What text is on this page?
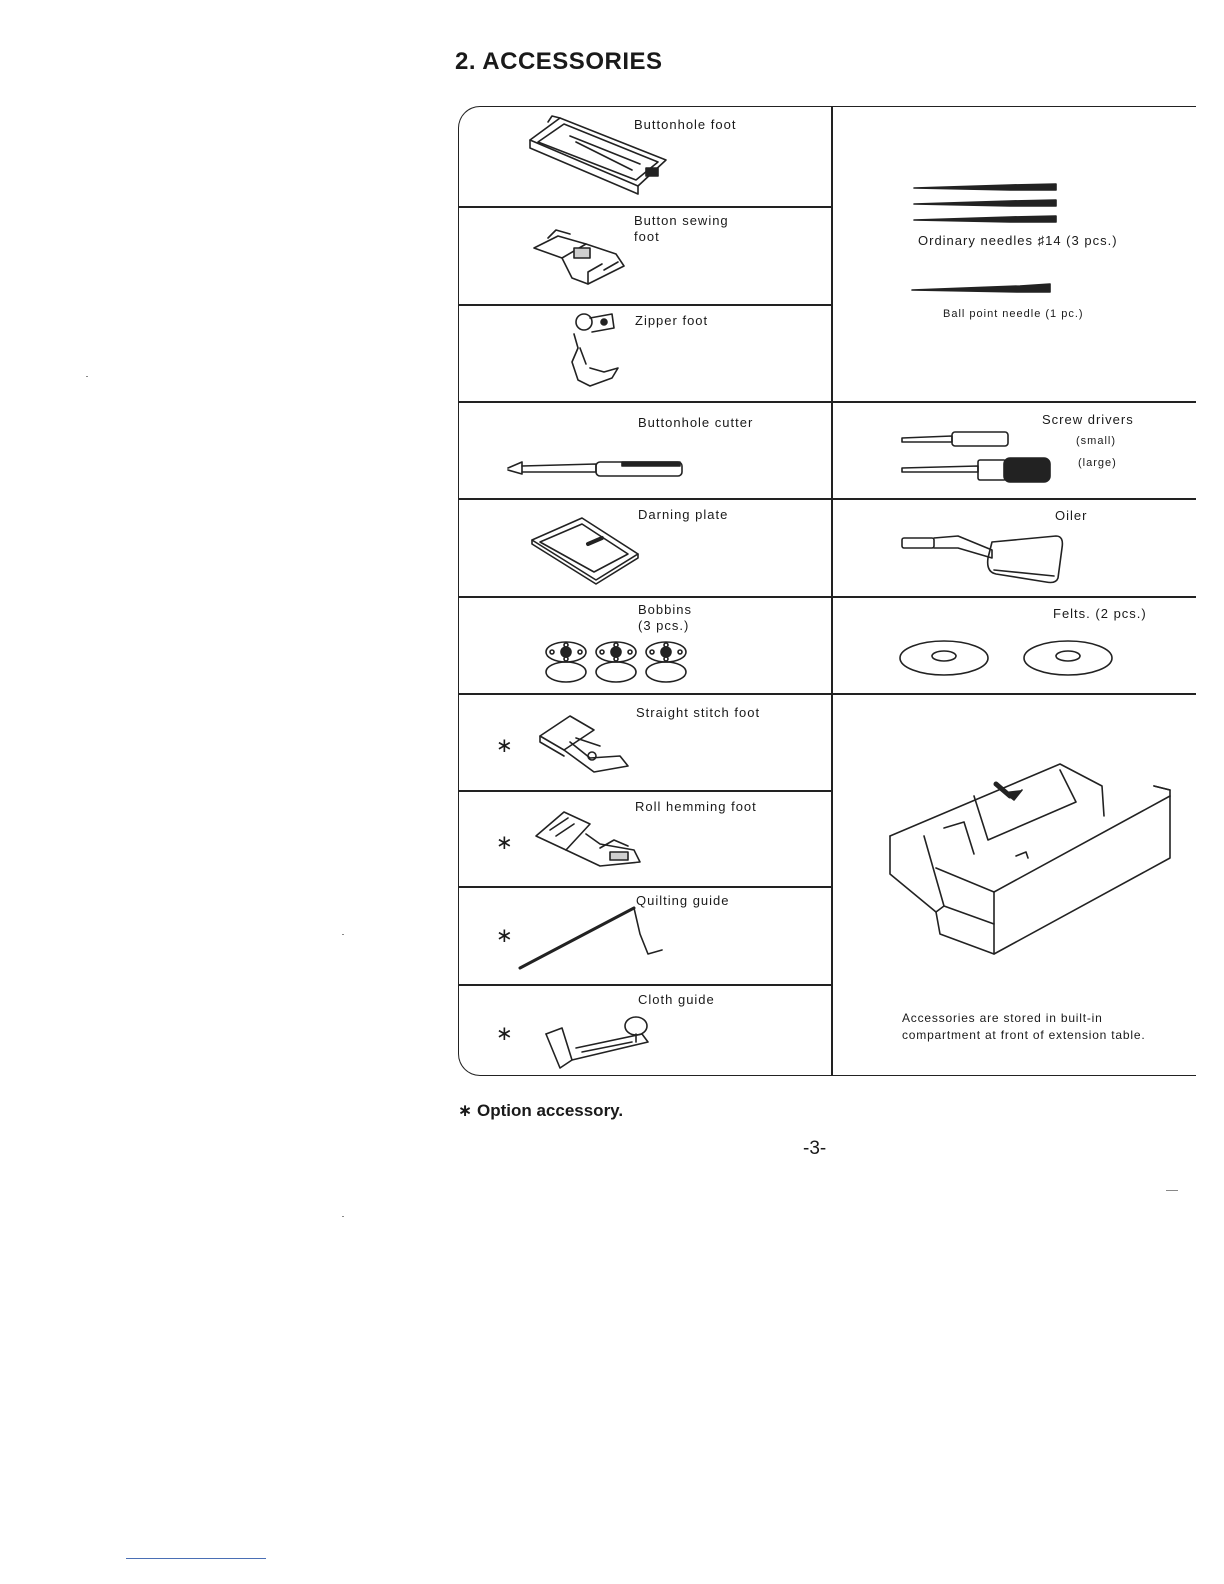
2. ACCESSORIES
Buttonhole foot
Button sewing
foot
Zipper foot
Buttonhole cutter
Darning plate
Bobbins
(3 pcs.)
Straight stitch foot
Roll hemming foot
Quilting guide
Cloth guide
∗
∗
∗
∗
Ordinary needles ♯14 (3 pcs.)
Ball point needle (1 pc.)
Screw drivers
(small)
(large)
Oiler
Felts. (2 pcs.)
Accessories are stored in built-in compartment at front of extension table.
∗ Option accessory.
-3-
